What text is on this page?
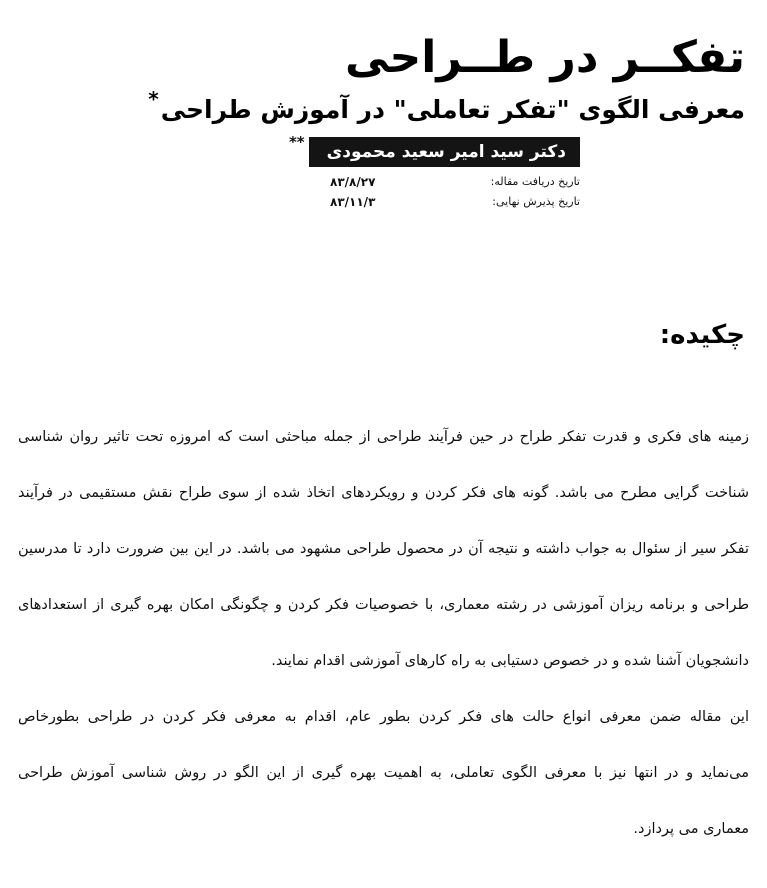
تفکــر در طــراحی
معرفی الگوی "تفکر تعاملی" در آموزش طراحی*
دکتر سید امیر سعید محمودی**
تاریخ دریافت مقاله:
۸۳/۸/۲۷
تاریخ پذیرش نهایی:
۸۳/۱۱/۳
چکیده:
زمینه های فکری و قدرت تفکر طراح در حین فرآیند طراحی از جمله مباحثی است که امروزه تحت تاثیر روان شناسی
شناخت گرایی مطرح می باشد. گونه های فکر کردن و رویکردهای اتخاذ شده از سوی طراح نقش مستقیمی در فرآیند
تفکر سیر از سئوال به جواب داشته و نتیجه آن در محصول طراحی مشهود می باشد. در این بین ضرورت دارد تا مدرسین
طراحی و برنامه ریزان آموزشی در رشته معماری، با خصوصیات فکر کردن و چگونگی امکان بهره گیری از استعدادهای
دانشجویان آشنا شده و در خصوص دستیابی به راه کارهای آموزشی اقدام نمایند.
این مقاله ضمن معرفی انواع حالت های فکر کردن بطور عام، اقدام به معرفی فکر کردن در طراحی بطورخاص
می‌نماید و در انتها نیز با معرفی الگوی تعاملی، به اهمیت بهره گیری از این الگو در روش شناسی آموزش طراحی
معماری می پردازد.
